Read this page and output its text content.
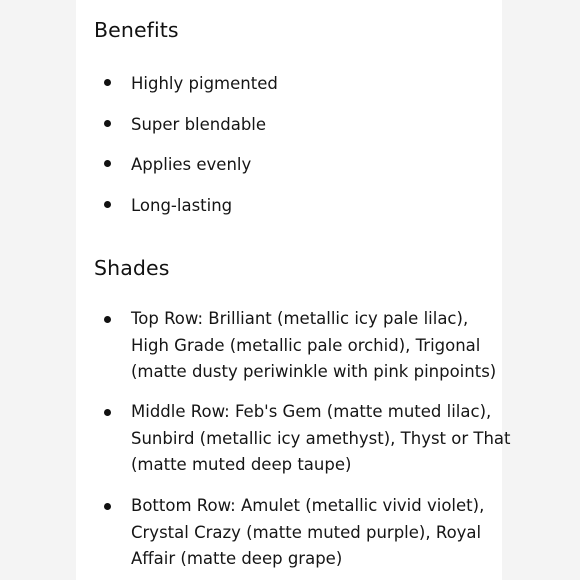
Benefits
Highly pigmented
Super blendable
Applies evenly
Long-lasting
Shades
Top Row: Brilliant (metallic icy pale lilac),
High Grade (metallic pale orchid), Trigonal
(matte dusty periwinkle with pink pinpoints)
Middle Row: Feb's Gem (matte muted lilac),
Sunbird (metallic icy amethyst), Thyst or That
(matte muted deep taupe)
Bottom Row: Amulet (metallic vivid violet),
Crystal Crazy (matte muted purple), Royal
Affair (matte deep grape)
